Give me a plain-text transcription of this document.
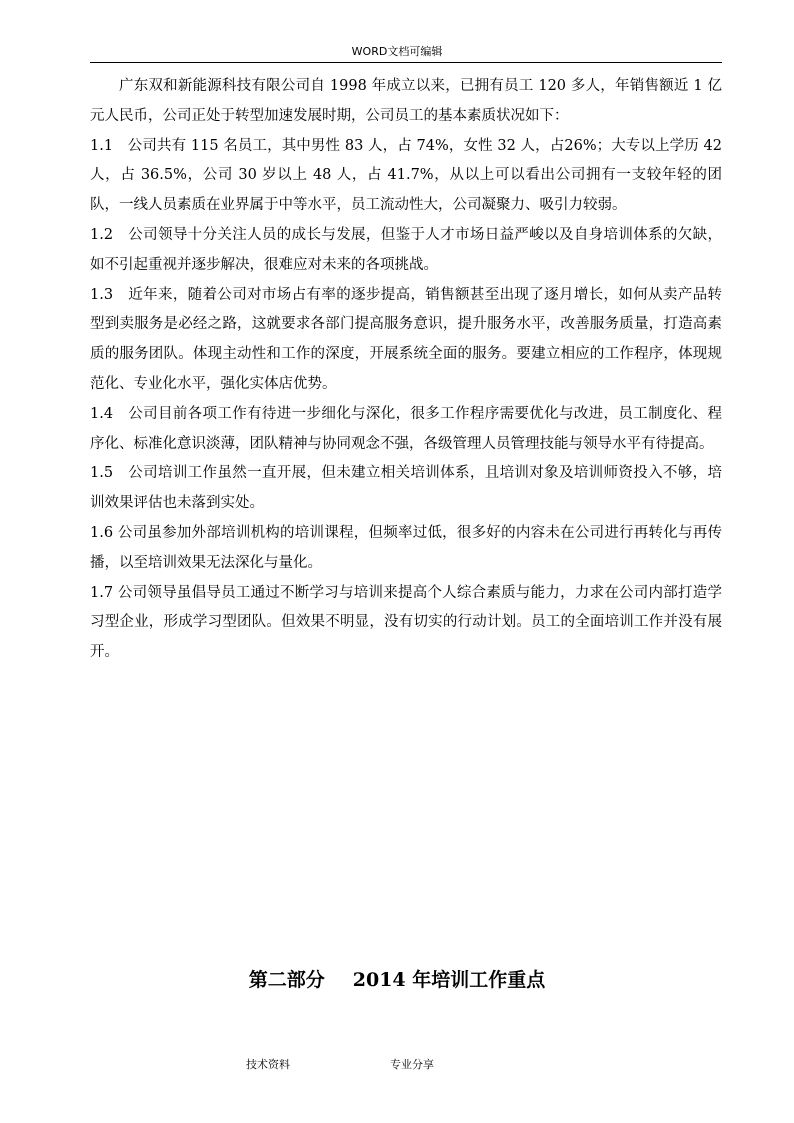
WORD文档可编辑

广东双和新能源科技有限公司自 1998 年成立以来，已拥有员工 120 多人，年销售额近 1 亿元人民币，公司正处于转型加速发展时期，公司员工的基本素质状况如下：

1.1　公司共有 115 名员工，其中男性 83 人，占 74%，女性 32 人，占26%；大专以上学历 42 人，占 36.5%，公司 30 岁以上 48 人，占 41.7%，从以上可以看出公司拥有一支较年轻的团队，一线人员素质在业界属于中等水平，员工流动性大，公司凝聚力、吸引力较弱。

1.2　公司领导十分关注人员的成长与发展，但鉴于人才市场日益严峻以及自身培训体系的欠缺，如不引起重视并逐步解决，很难应对未来的各项挑战。

1.3　近年来，随着公司对市场占有率的逐步提高，销售额甚至出现了逐月增长，如何从卖产品转型到卖服务是必经之路，这就要求各部门提高服务意识，提升服务水平，改善服务质量，打造高素质的服务团队。体现主动性和工作的深度，开展系统全面的服务。要建立相应的工作程序，体现规范化、专业化水平，强化实体店优势。

1.4　公司目前各项工作有待进一步细化与深化，很多工作程序需要优化与改进，员工制度化、程序化、标准化意识淡薄，团队精神与协同观念不强，各级管理人员管理技能与领导水平有待提高。

1.5　公司培训工作虽然一直开展，但未建立相关培训体系，且培训对象及培训师资投入不够，培训效果评估也未落到实处。

1.6 公司虽参加外部培训机构的培训课程，但频率过低，很多好的内容未在公司进行再转化与再传播，以至培训效果无法深化与量化。

1.7 公司领导虽倡导员工通过不断学习与培训来提高个人综合素质与能力，力求在公司内部打造学习型企业，形成学习型团队。但效果不明显，没有切实的行动计划。员工的全面培训工作并没有展开。

第二部分 2014 年培训工作重点
技术资料	专业分享
